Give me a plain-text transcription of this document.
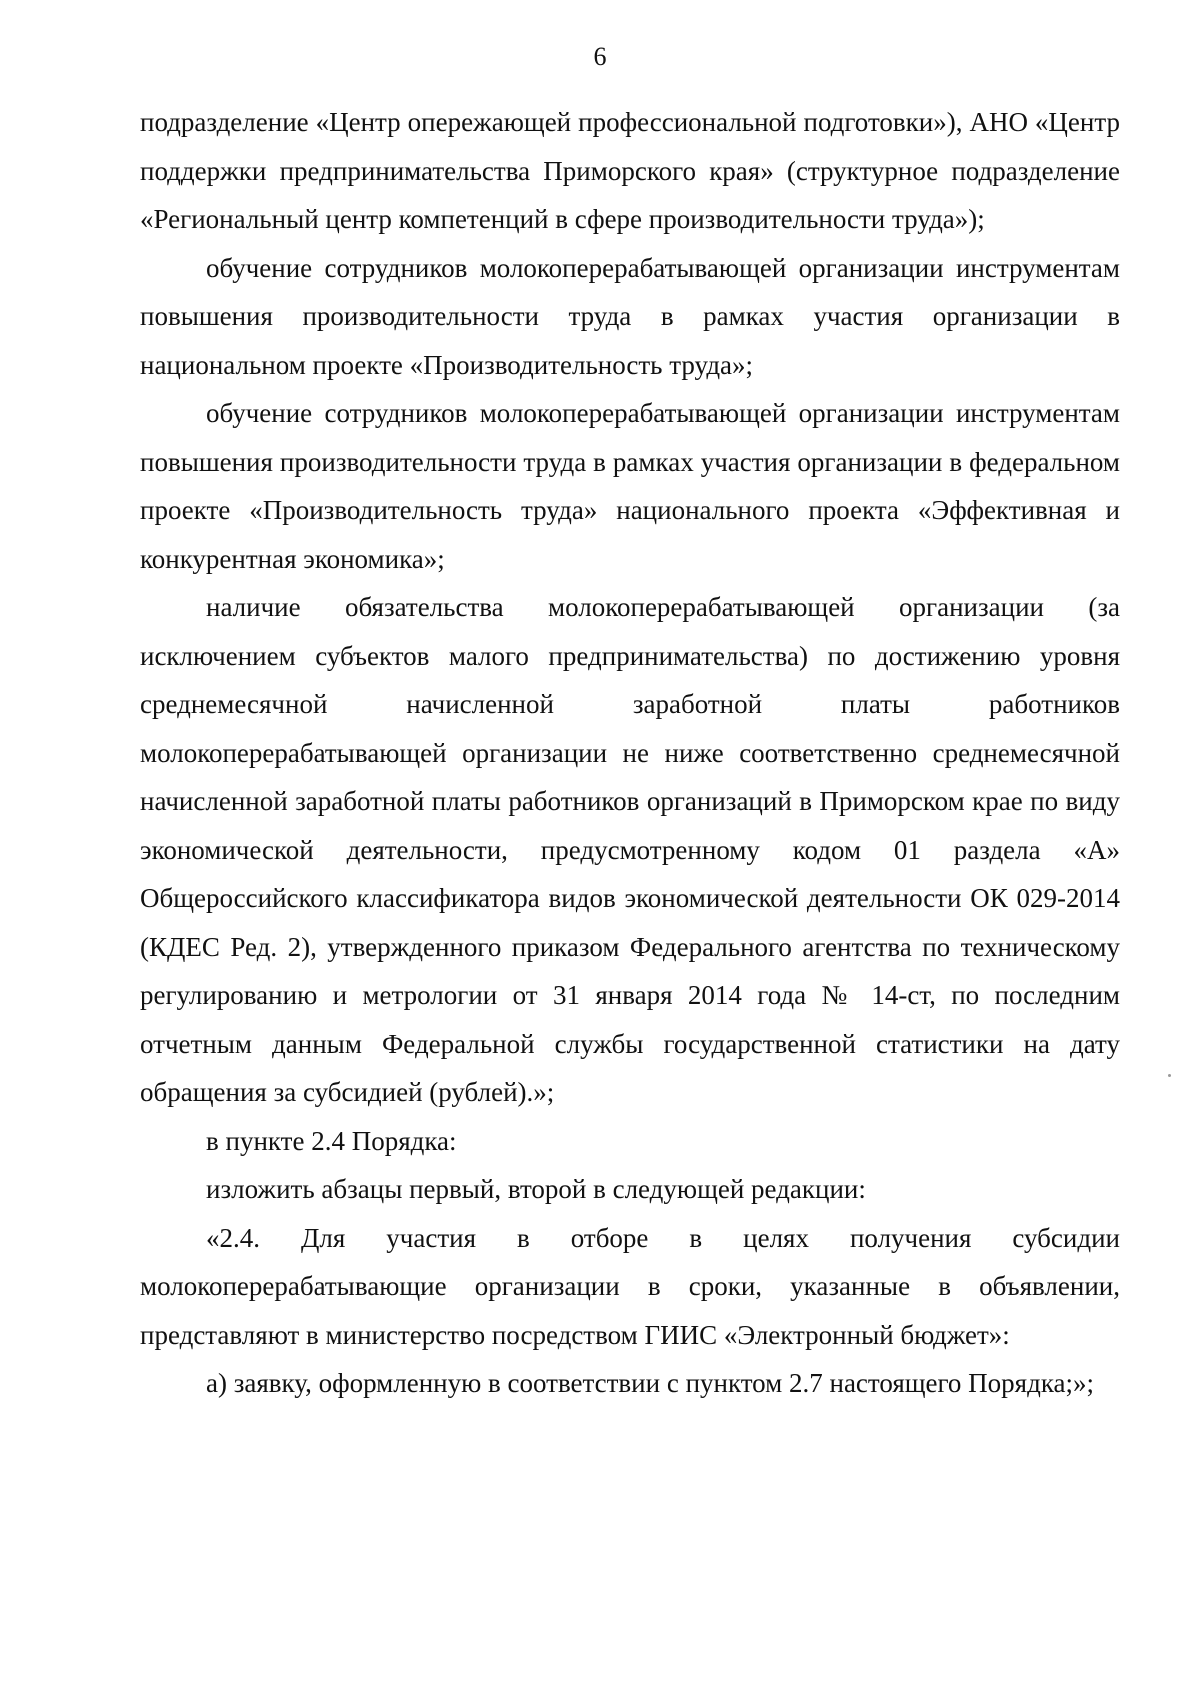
6

подразделение «Центр опережающей профессиональной подготовки»), АНО «Центр поддержки предпринимательства Приморского края» (структурное подразделение «Региональный центр компетенций в сфере производительности труда»);

обучение сотрудников молокоперерабатывающей организации инструментам повышения производительности труда в рамках участия организации в национальном проекте «Производительность труда»;

обучение сотрудников молокоперерабатывающей организации инструментам повышения производительности труда в рамках участия организации в федеральном проекте «Производительность труда» национального проекта «Эффективная и конкурентная экономика»;

наличие обязательства молокоперерабатывающей организации (за исключением субъектов малого предпринимательства) по достижению уровня среднемесячной начисленной заработной платы работников молокоперерабатывающей организации не ниже соответственно среднемесячной начисленной заработной платы работников организаций в Приморском крае по виду экономической деятельности, предусмотренному кодом 01 раздела «А» Общероссийского классификатора видов экономической деятельности ОК 029-2014 (КДЕС Ред. 2), утвержденного приказом Федерального агентства по техническому регулированию и метрологии от 31 января 2014 года № 14-ст, по последним отчетным данным Федеральной службы государственной статистики на дату обращения за субсидией (рублей).»;

в пункте 2.4 Порядка:

изложить абзацы первый, второй в следующей редакции:

«2.4. Для участия в отборе в целях получения субсидии молокоперерабатывающие организации в сроки, указанные в объявлении, представляют в министерство посредством ГИИС «Электронный бюджет»:

а) заявку, оформленную в соответствии с пунктом 2.7 настоящего Порядка;»;
